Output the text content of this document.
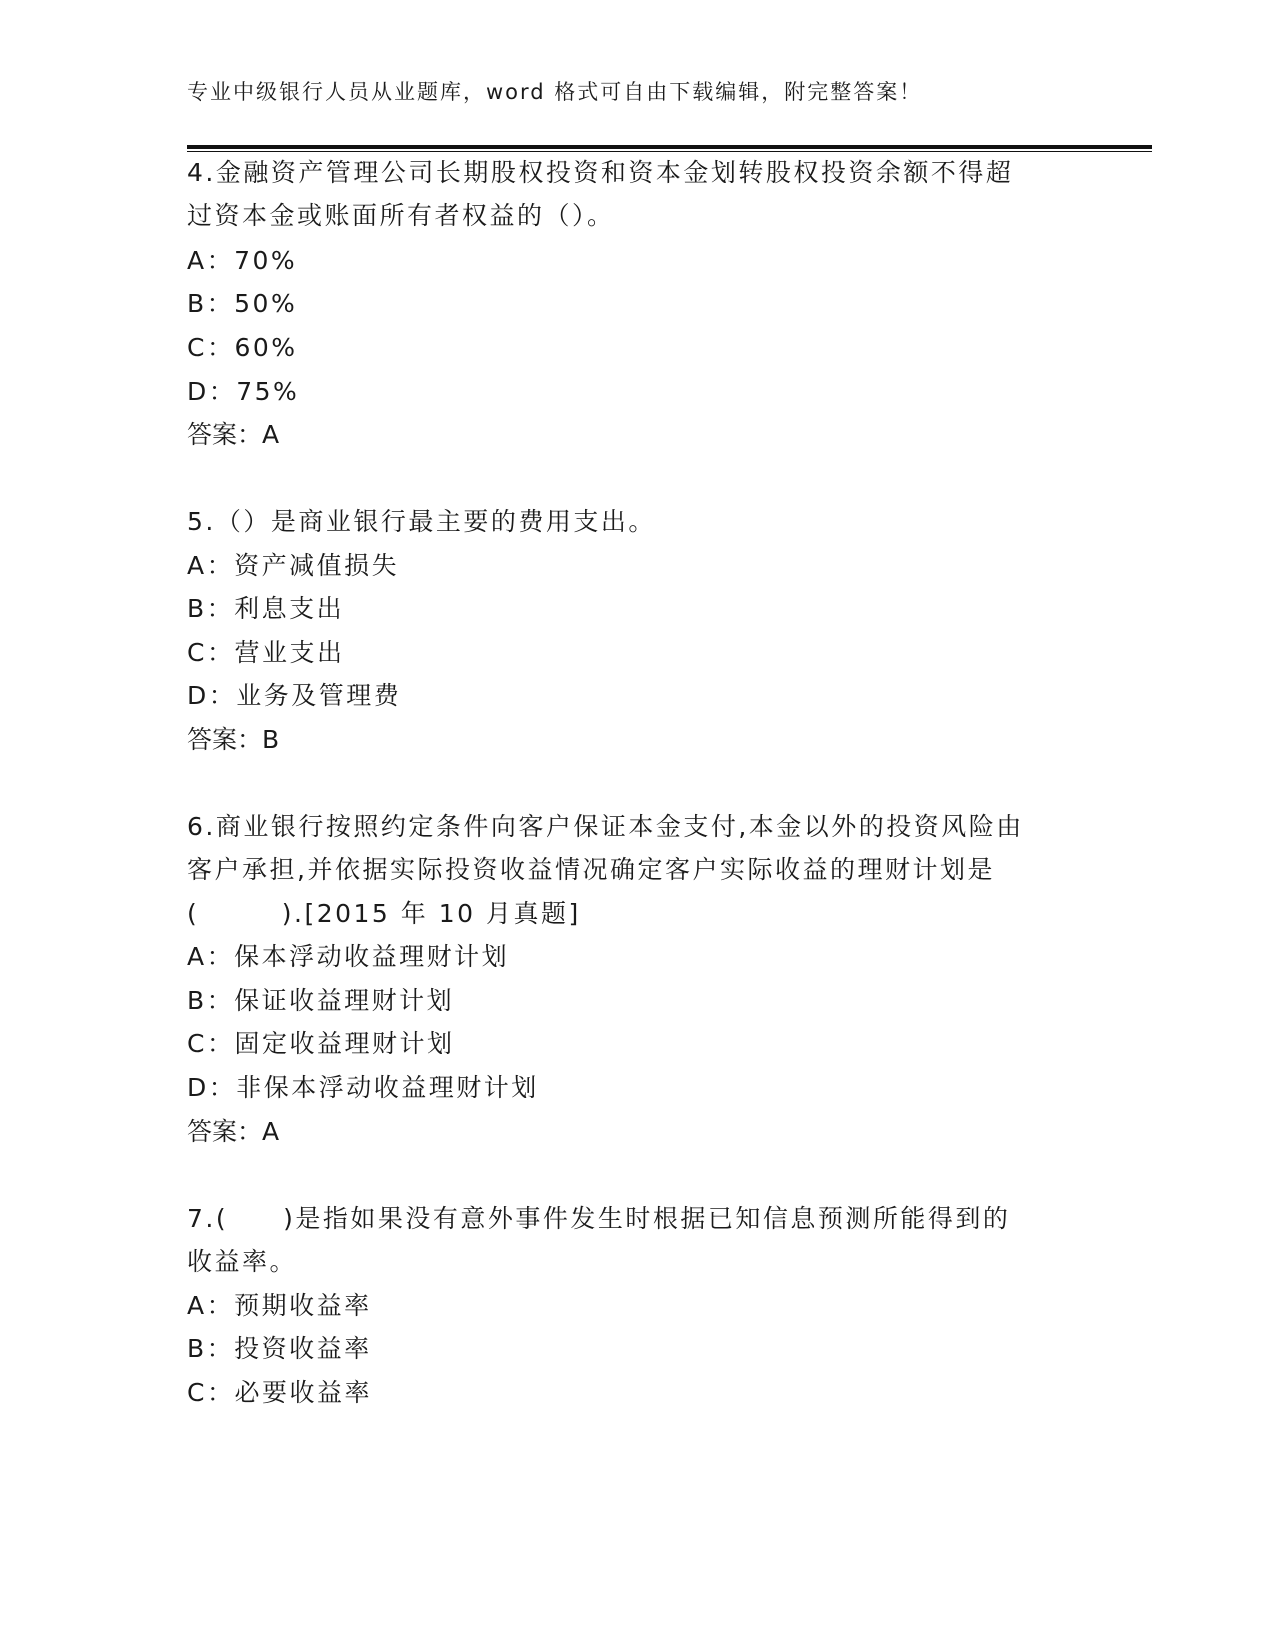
专业中级银行人员从业题库，word 格式可自由下载编辑，附完整答案！
4.金融资产管理公司长期股权投资和资本金划转股权投资余额不得超
过资本金或账面所有者权益的（）。
A：70%
B：50%
C：60%
D：75%
答案：A
5.（）是商业银行最主要的费用支出。
A：资产减值损失
B：利息支出
C：营业支出
D：业务及管理费
答案：B
6.商业银行按照约定条件向客户保证本金支付,本金以外的投资风险由
客户承担,并依据实际投资收益情况确定客户实际收益的理财计划是
(　　　).[2015 年 10 月真题]
A：保本浮动收益理财计划
B：保证收益理财计划
C：固定收益理财计划
D：非保本浮动收益理财计划
答案：A
7.(　　)是指如果没有意外事件发生时根据已知信息预测所能得到的
收益率。
A：预期收益率
B：投资收益率
C：必要收益率
